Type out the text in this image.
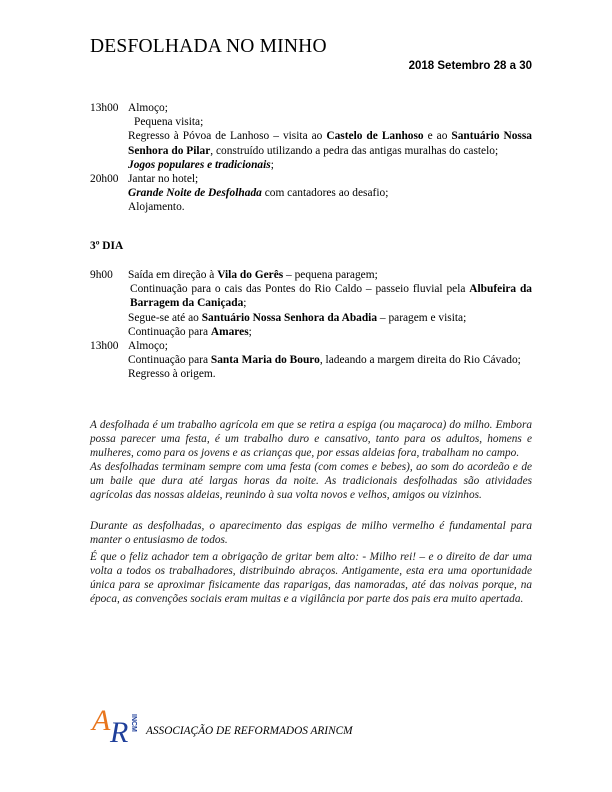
DESFOLHADA NO MINHO
2018 Setembro 28 a 30
13h00 Almoço;
Pequena visita;
Regresso à Póvoa de Lanhoso – visita ao Castelo de Lanhoso e ao Santuário Nossa Senhora do Pilar, construído utilizando a pedra das antigas muralhas do castelo;
Jogos populares e tradicionais;
20h00 Jantar no hotel;
Grande Noite de Desfolhada com cantadores ao desafio;
Alojamento.
3º DIA
9h00	Saída em direção à Vila do Gerês – pequena paragem;
Continuação para o cais das Pontes do Rio Caldo – passeio fluvial pela Albufeira da Barragem da Caniçada;
Segue-se até ao Santuário Nossa Senhora da Abadia – paragem e visita;
Continuação para Amares;
13h00 Almoço;
Continuação para Santa Maria do Bouro, ladeando a margem direita do Rio Cávado;
Regresso à origem.

A desfolhada é um trabalho agrícola em que se retira a espiga (ou maçaroca) do milho. Embora possa parecer uma festa, é um trabalho duro e cansativo, tanto para os adultos, homens e mulheres, como para os jovens e as crianças que, por essas aldeias fora, trabalham no campo.

As desfolhadas terminam sempre com uma festa (com comes e bebes), ao som do acordeão e de um baile que dura até largas horas da noite. As tradicionais desfolhadas são atividades agrícolas das nossas aldeias, reunindo à sua volta novos e velhos, amigos ou vizinhos.

Durante as desfolhadas, o aparecimento das espigas de milho vermelho é fundamental para manter o entusiasmo de todos.

É que o feliz achador tem a obrigação de gritar bem alto: - Milho rei! – e o direito de dar uma volta a todos os trabalhadores, distribuindo abraços. Antigamente, esta era uma oportunidade única para se aproximar fisicamente das raparigas, das namoradas, até das noivas porque, na época, as convenções sociais eram muitas e a vigilância por parte dos pais era muito apertada.

A R INCM ASSOCIAÇÃO DE REFORMADOS ARINCM
